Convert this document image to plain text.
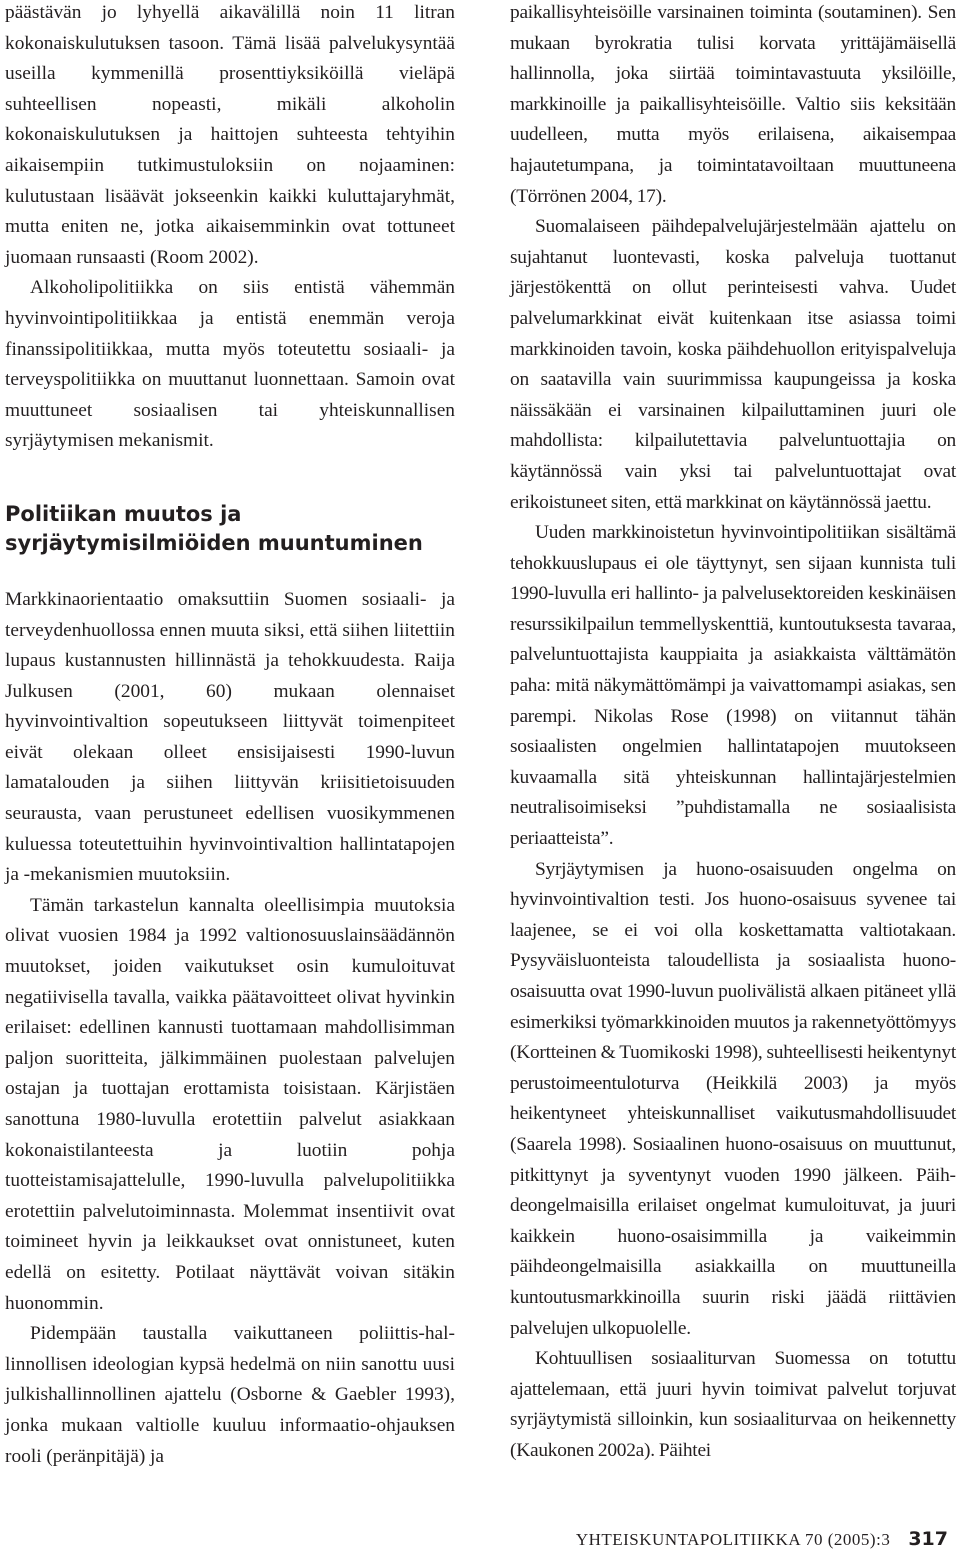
päästävän jo lyhyellä aikavälillä noin 11 litran kokonaiskulutuksen tasoon. Tämä lisää palvelukysyntää useilla kymmenillä prosenttiyksiköillä vieläpä suhteellisen nopeasti, mikäli alkoholin kokonaiskulutuksen ja haittojen suhteesta tehtyihin aikaisempiin tutkimustuloksiin on nojaaminen: kulutustaan lisäävät jokseenkin kaikki kuluttajaryhmät, mutta eniten ne, jotka aikaisemminkin ovat tottuneet juomaan runsaasti (Room 2002).

Alkoholipolitiikka on siis entistä vähemmän hyvinvointipolitiikkaa ja entistä enemmän veroja finanssipolitiikkaa, mutta myös toteutettu sosiaali- ja terveyspolitiikka on muuttanut luonnettaan. Samoin ovat muuttuneet sosiaalisen tai yhteiskunnallisen syrjäytymisen mekanismit.

Politiikan muutos ja syrjäytymisilmiöiden muuntuminen

Markkinaorientaatio omaksuttiin Suomen sosiaali- ja terveydenhuollossa ennen muuta siksi, että siihen liitettiin lupaus kustannusten hillinnästä ja tehokkuudesta. Raija Julkusen (2001, 60) mukaan olennaiset hyvinvointivaltion sopeutukseen liittyvät toimenpiteet eivät olekaan olleet ensisijaisesti 1990-luvun lamatalouden ja siihen liittyvän kriisitietoisuuden seurausta, vaan perustuneet edellisen vuosikymmenen kuluessa toteutettuihin hyvinvointivaltion hallintatapojen ja -mekanismien muutoksiin.

Tämän tarkastelun kannalta oleellisimpia muutoksia olivat vuosien 1984 ja 1992 valtionosuuslainsäädännön muutokset, joiden vaikutukset osin kumuloituvat negatiivisella tavalla, vaikka päätavoitteet olivat hyvinkin erilaiset: edellinen kannusti tuottamaan mahdollisimman paljon suoritteita, jälkimmäinen puolestaan palvelujen ostajan ja tuottajan erottamista toisistaan. Kärjistäen sanottuna 1980-luvulla erotettiin palvelut asiakkaan kokonaistilanteesta ja luotiin pohja tuotteistamisajattelulle, 1990-luvulla palvelupolitiikka erotettiin palvelutoiminnasta. Molemmat insentiivit ovat toimineet hyvin ja leikkaukset ovat onnistuneet, kuten edellä on esitetty. Potilaat näyttävät voivan sitäkin huonommin.

Pidempään taustalla vaikuttaneen poliittis-hallinnollisen ideologian kypsä hedelmä on niin sanottu uusi julkishallinnollinen ajattelu (Osborne & Gaebler 1993), jonka mukaan valtiolle kuuluu informaatio-ohjauksen rooli (peränpitäjä) ja

paikallisyhteisöille varsinainen toiminta (soutaminen). Sen mukaan byrokratia tulisi korvata yrittäjämäisellä hallinnolla, joka siirtää toimintavastuuta yksilöille, markkinoille ja paikallisyhteisöille. Valtio siis keksitään uudelleen, mutta myös erilaisena, aikaisempaa hajautetumpana, ja toimintatavoiltaan muuttuneena (Törrönen 2004, 17).

Suomalaiseen päihdepalvelujärjestelmään ajattelu on sujahtanut luontevasti, koska palveluja tuottanut järjestökenttä on ollut perinteisesti vahva. Uudet palvelumarkkinat eivät kuitenkaan itse asiassa toimi markkinoiden tavoin, koska päihdehuollon erityispalveluja on saatavilla vain suurimmissa kaupungeissa ja koska näissäkään ei varsinainen kilpailuttaminen juuri ole mahdollista: kilpailutettavia palveluntuottajia on käytännössä vain yksi tai palveluntuottajat ovat erikoistuneet siten, että markkinat on käytännössä jaettu.

Uuden markkinoistetun hyvinvointipolitiikan sisältämä tehokkuuslupaus ei ole täyttynyt, sen sijaan kunnista tuli 1990-luvulla eri hallinto- ja palvelusektoreiden keskinäisen resurssikilpailun temmellyskenttiä, kuntoutuksesta tavaraa, palveluntuottajista kauppiaita ja asiakkaista välttämätön paha: mitä näkymättömämpi ja vaivattomampi asiakas, sen parempi. Nikolas Rose (1998) on viitannut tähän sosiaalisten ongelmien hallintatapojen muutokseen kuvaamalla sitä yhteiskunnan hallintajärjestelmien neutralisoimiseksi ”puhdistamalla ne sosiaalisista periaatteista”.

Syrjäytymisen ja huono-osaisuuden ongelma on hyvinvointivaltion testi. Jos huono-osaisuus syvenee tai laajenee, se ei voi olla koskettamatta valtiotakaan. Pysyväisluonteista taloudellista ja sosiaalista huono-osaisuutta ovat 1990-luvun puolivälistä alkaen pitäneet yllä esimerkiksi työmarkkinoiden muutos ja rakennetyöttömyys (Kortteinen & Tuomikoski 1998), suhteellisesti heikentynyt perustoimeentuloturva (Heikkilä 2003) ja myös heikentyneet yhteiskunnalliset vaikutusmahdollisuudet (Saarela 1998). Sosiaalinen huono-osaisuus on muuttunut, pitkittynyt ja syventynyt vuoden 1990 jälkeen. Päihdeongelmaisilla erilaiset ongelmat kumuloituvat, ja juuri kaikkein huono-osaisimmilla ja vaikeimmin päihdeongelmaisilla asiakkailla on muuttuneilla kuntoutusmarkkinoilla suurin riski jäädä riittävien palvelujen ulkopuolelle.

Kohtuullisen sosiaaliturvan Suomessa on totuttu ajattelemaan, että juuri hyvin toimivat palvelut torjuvat syrjäytymistä silloinkin, kun sosiaaliturvaa on heikennetty (Kaukonen 2002a). Päihtei

YHTEISKUNTAPOLITIIKKA 70 (2005):3 317
